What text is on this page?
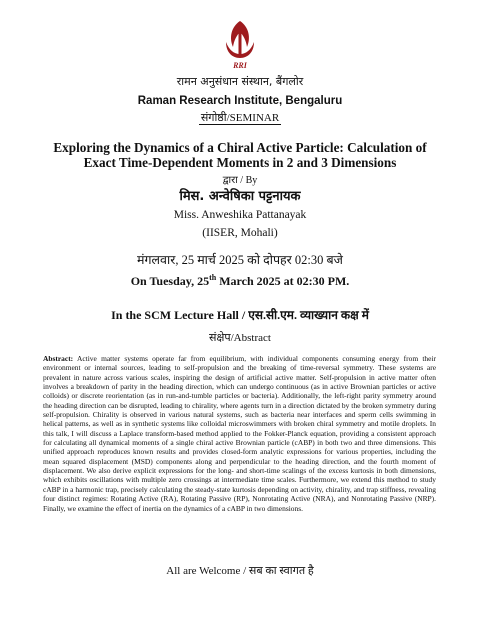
RRI
रामन अनुसंधान संस्थान, बैंगलोर
Raman Research Institute, Bengaluru
संगोष्ठी/SEMINAR
Exploring the Dynamics of a Chiral Active Particle: Calculation of
Exact Time-Dependent Moments in 2 and 3 Dimensions
द्वारा / By
मिस. अन्वेषिका पट्टनायक
Miss. Anweshika Pattanayak
(IISER, Mohali)
मंगलवार, 25 मार्च 2025 को दोपहर 02:30 बजे
On Tuesday, 25th March 2025 at 02:30 PM.
In the SCM Lecture Hall / एस.सी.एम. व्याख्यान कक्ष में
संक्षेप/Abstract
Abstract: Active matter systems operate far from equilibrium, with individual components consuming energy from their environment or internal sources, leading to self-propulsion and the breaking of time-reversal symmetry. These systems are prevalent in nature across various scales, inspiring the design of artificial active matter. Self-propulsion in active matter often involves a breakdown of parity in the heading direction, which can undergo continuous (as in active Brownian particles or active colloids) or discrete reorientation (as in run-and-tumble particles or bacteria). Additionally, the left-right parity symmetry around the heading direction can be disrupted, leading to chirality, where agents turn in a direction dictated by the broken symmetry during self-propulsion. Chirality is observed in various natural systems, such as bacteria near interfaces and sperm cells swimming in helical patterns, as well as in synthetic systems like colloidal microswimmers with broken chiral symmetry and motile droplets. In this talk, I will discuss a Laplace transform-based method applied to the Fokker-Planck equation, providing a consistent approach for calculating all dynamical moments of a single chiral active Brownian particle (cABP) in both two and three dimensions. This unified approach reproduces known results and provides closed-form analytic expressions for various properties, including the mean squared displacement (MSD) components along and perpendicular to the heading direction, and the fourth moment of displacement. We also derive explicit expressions for the long- and short-time scalings of the excess kurtosis in both dimensions, which exhibits oscillations with multiple zero crossings at intermediate time scales. Furthermore, we extend this method to study cABP in a harmonic trap, precisely calculating the steady-state kurtosis depending on activity, chirality, and trap stiffness, revealing four distinct regimes: Rotating Active (RA), Rotating Passive (RP), Nonrotating Active (NRA), and Nonrotating Passive (NRP). Finally, we examine the effect of inertia on the dynamics of a cABP in two dimensions.
All are Welcome / सब का स्वागत है
